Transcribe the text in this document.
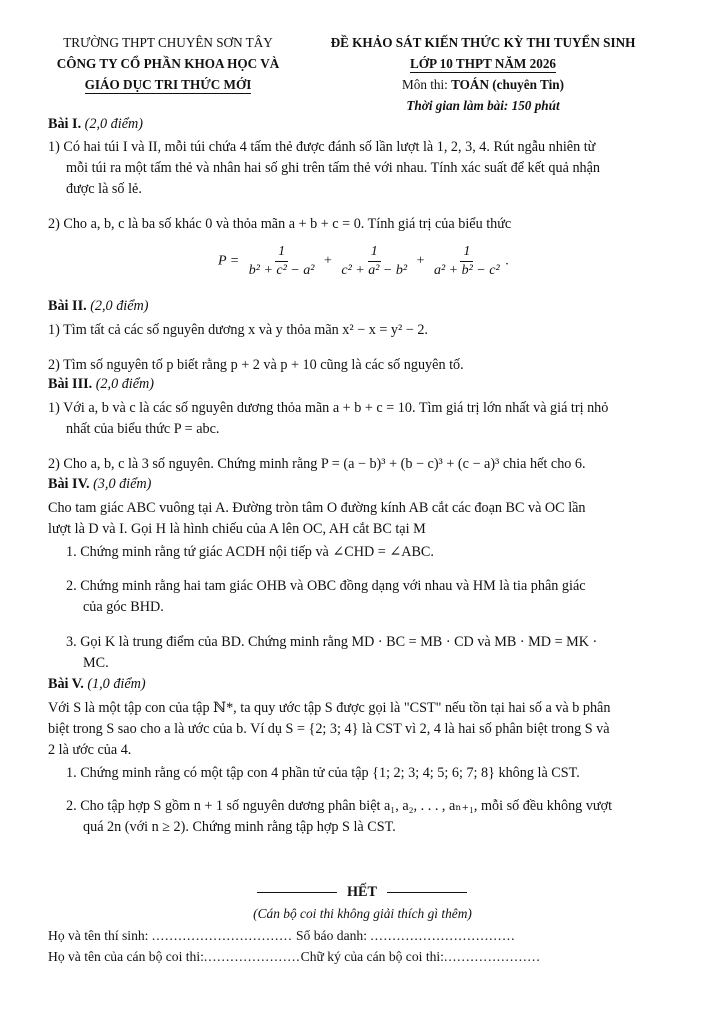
TRƯỜNG THPT CHUYÊN SƠN TÂY
CÔNG TY CỔ PHẦN KHOA HỌC VÀ
GIÁO DỤC TRI THỨC MỚI
ĐỀ KHẢO SÁT KIẾN THỨC KỲ THI TUYỂN SINH
LỚP 10 THPT NĂM 2026
Môn thi: TOÁN (chuyên Tin)
Thời gian làm bài: 150 phút
Bài I. (2,0 điểm)
1) Có hai túi I và II, mỗi túi chứa 4 tấm thẻ được đánh số lần lượt là 1, 2, 3, 4. Rút ngẫu nhiên từ
mỗi túi ra một tấm thẻ và nhân hai số ghi trên tấm thẻ với nhau. Tính xác suất để kết quả nhận
được là số lẻ.
2) Cho a, b, c là ba số khác 0 và thỏa mãn a + b + c = 0. Tính giá trị của biểu thức
$P = \frac{1}{\text{b² + c² − a²}} + \frac{1}{\text{c² + a² − b²}} + \frac{1}{\text{a² + b² − c²}}$ .
Bài II. (2,0 điểm)
1) Tìm tất cả các số nguyên dương x và y thỏa mãn x² − x = y² − 2.
2) Tìm số nguyên tố p biết rằng p + 2 và p + 10 cũng là các số nguyên tố.
Bài III. (2,0 điểm)
1) Với a, b và c là các số nguyên dương thỏa mãn a + b + c = 10. Tìm giá trị lớn nhất và giá trị nhỏ
nhất của biểu thức P = abc.
2) Cho a, b, c là 3 số nguyên. Chứng minh rằng P = (a − b)³ + (b − c)³ + (c − a)³ chia hết cho 6.
Bài IV. (3,0 điểm)
Cho tam giác ABC vuông tại A. Đường tròn tâm O đường kính AB cắt các đoạn BC và OC lần
lượt là D và I. Gọi H là hình chiếu của A lên OC, AH cắt BC tại M
1. Chứng minh rằng tứ giác ACDH nội tiếp và ∠CHD = ∠ABC.
2. Chứng minh rằng hai tam giác OHB và OBC đồng dạng với nhau và HM là tia phân giác
của góc BHD.
3. Gọi K là trung điểm của BD. Chứng minh rằng MD · BC = MB · CD và MB · MD = MK ·
MC.
Bài V. (1,0 điểm)
Với S là một tập con của tập ℕ*, ta quy ước tập S được gọi là "CST" nếu tồn tại hai số a và b phân
biệt trong S sao cho a là ước của b. Ví dụ S = {2; 3; 4} là CST vì 2, 4 là hai số phân biệt trong S và
2 là ước của 4.
1. Chứng minh rằng có một tập con 4 phần tử của tập {1; 2; 3; 4; 5; 6; 7; 8} không là CST.
2. Cho tập hợp S gồm n + 1 số nguyên dương phân biệt a₁, a₂, . . . , aₙ₊₁, mỗi số đều không vượt
quá 2n (với n ≥ 2). Chứng minh rằng tập hợp S là CST.
HẾT
(Cán bộ coi thi không giải thích gì thêm)
Họ và tên thí sinh: ................................ Số báo danh: .................................
Họ và tên của cán bộ coi thi:......................Chữ ký của cán bộ coi thi:......................
